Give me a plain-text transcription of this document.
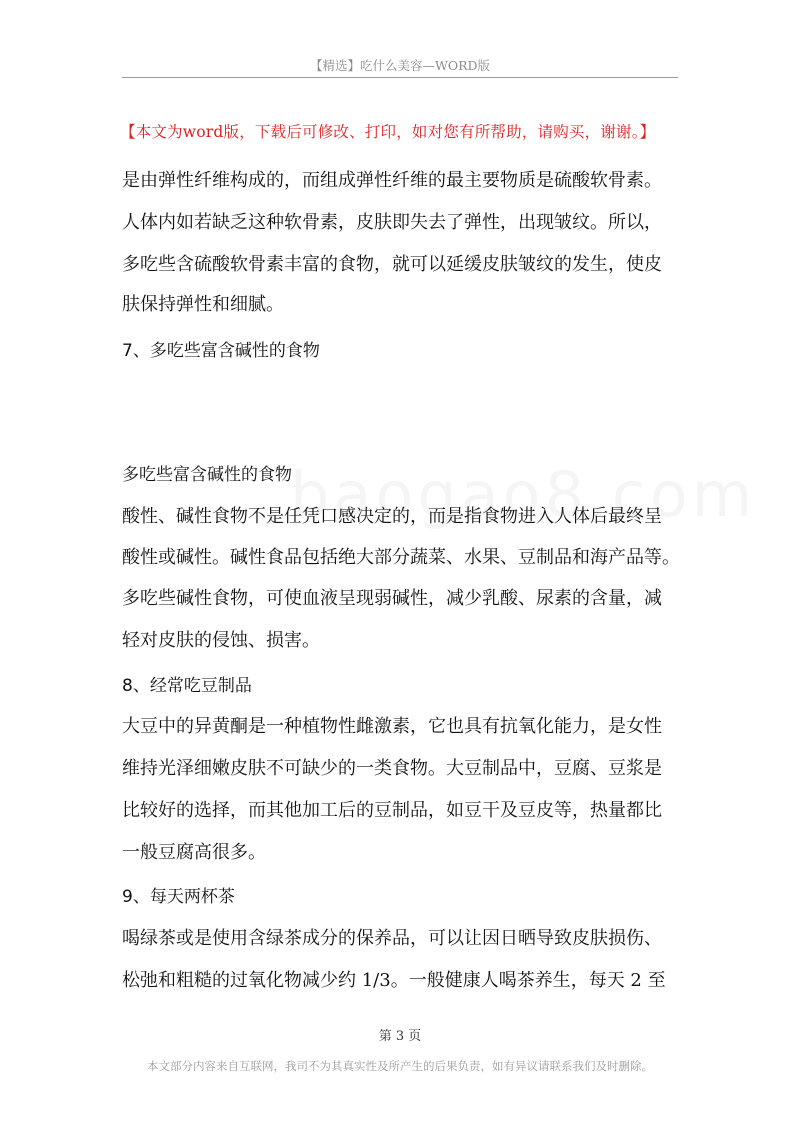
【精选】吃什么美容—WORD版
【本文为word版，下载后可修改、打印，如对您有所帮助，请购买，谢谢。】
是由弹性纤维构成的，而组成弹性纤维的最主要物质是硫酸软骨素。
人体内如若缺乏这种软骨素，皮肤即失去了弹性，出现皱纹。所以，
多吃些含硫酸软骨素丰富的食物，就可以延缓皮肤皱纹的发生，使皮
肤保持弹性和细腻。
7、多吃些富含碱性的食物
多吃些富含碱性的食物
酸性、碱性食物不是任凭口感决定的，而是指食物进入人体后最终呈
酸性或碱性。碱性食品包括绝大部分蔬菜、水果、豆制品和海产品等。
多吃些碱性食物，可使血液呈现弱碱性，减少乳酸、尿素的含量，减
轻对皮肤的侵蚀、损害。
8、经常吃豆制品
大豆中的异黄酮是一种植物性雌激素，它也具有抗氧化能力，是女性
维持光泽细嫩皮肤不可缺少的一类食物。大豆制品中，豆腐、豆浆是
比较好的选择，而其他加工后的豆制品，如豆干及豆皮等，热量都比
一般豆腐高很多。
9、每天两杯茶
喝绿茶或是使用含绿茶成分的保养品，可以让因日晒导致皮肤损伤、
松弛和粗糙的过氧化物减少约 1/3。一般健康人喝茶养生，每天 2 至
第 3 页
本文部分内容来自互联网，我司不为其真实性及所产生的后果负责，如有异议请联系我们及时删除。
